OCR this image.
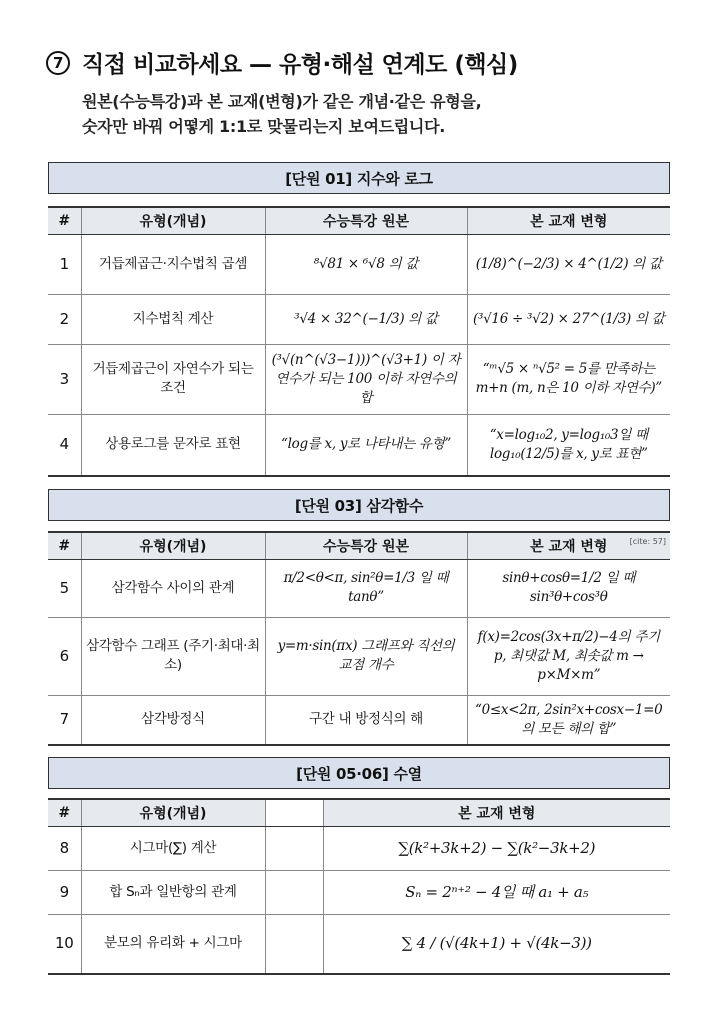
7 직접 비교하세요 — 유형·해설 연계도 (핵심)
원본(수능특강)과 본 교재(변형)가 같은 개념·같은 유형을,
숫자만 바꿔 어떻게 1:1로 맞물리는지 보여드립니다.
[단원 01] 지수와 로그
#	유형(개념)	수능특강 원본	본 교재 변형
1	거듭제곱근·지수법칙 곱셈	⁸√81 × ⁶√8 의 값	(1/8)^(−2/3) × 4^(1/2) 의 값
2	지수법칙 계산	³√4 × 32^(−1/3) 의 값	(³√16 ÷ ³√2) × 27^(1/3) 의 값
3	거듭제곱근이 자연수가 되는 조건	(³√(n^(√3−1)))^(√3+1) 이 자연수가 되는 100 이하 자연수의 합	“ᵐ√5 × ⁿ√5² = 5를 만족하는 m+n (m, n은 10 이하 자연수)”
4	상용로그를 문자로 표현	“log를 x, y로 나타내는 유형”	“x=log₁₀2, y=log₁₀3일 때 log₁₀(12/5)를 x, y로 표현”
[단원 03] 삼각함수
#	유형(개념)	수능특강 원본	본 교재 변형 [cite: 57]

5	삼각함수 사이의 관계	π/2<θ<π, sin²θ=1/3 일 때 tanθ”	sinθ+cosθ=1/2 일 때 sin³θ+cos³θ
6	삼각함수 그래프 (주기·최대·최소)	y=m·sin(πx) 그래프와 직선의 교점 개수	f(x)=2cos(3x+π/2)−4의 주기 p, 최댓값 M, 최솟값 m → p×M×m”
7	삼각방정식	구간 내 방정식의 해	“0≤x<2π, 2sin²x+cosx−1=0 의 모든 해의 합”
[단원 05·06] 수열
#	유형(개념)		본 교재 변형
8	시그마(∑) 계산		∑(k²+3k+2) − ∑(k²−3k+2)
9	합 Sₙ과 일반항의 관계		Sₙ = 2ⁿ⁺² − 4일 때 a₁ + a₅
10	분모의 유리화 + 시그마		∑ 4 / (√(4k+1) + √(4k−3))
